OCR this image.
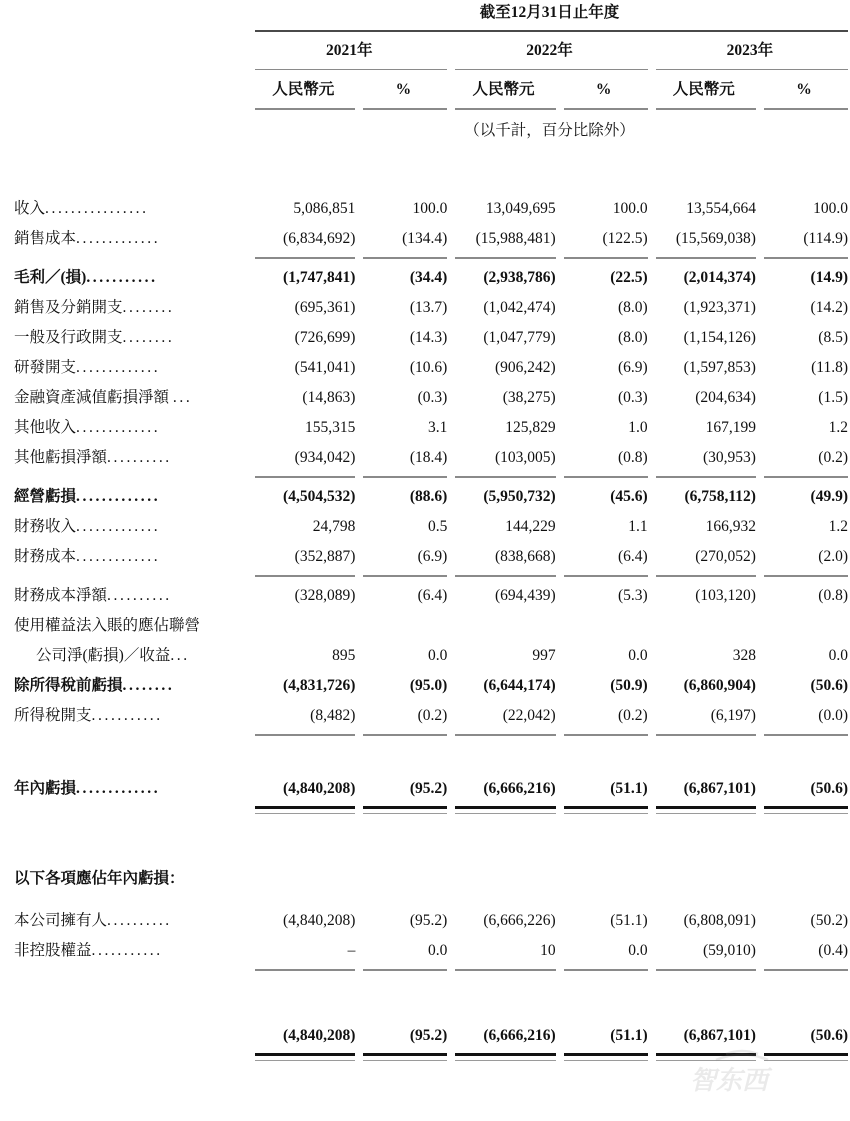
	截至12月31日止年度					

	2021年		2022年		2023年	

	人民幣元	%	人民幣元	%	人民幣元	%

	（以千計，百分比除外）					

收入................	5,086,851	100.0	13,049,695	100.0	13,554,664	100.0
銷售成本.............	(6,834,692)	(134.4)	(15,988,481)	(122.5)	(15,569,038)	(114.9)

毛利／(損)...........	(1,747,841)	(34.4)	(2,938,786)	(22.5)	(2,014,374)	(14.9)
銷售及分銷開支........	(695,361)	(13.7)	(1,042,474)	(8.0)	(1,923,371)	(14.2)
一般及行政開支........	(726,699)	(14.3)	(1,047,779)	(8.0)	(1,154,126)	(8.5)
研發開支.............	(541,041)	(10.6)	(906,242)	(6.9)	(1,597,853)	(11.8)
金融資產減值虧損淨額 ...	(14,863)	(0.3)	(38,275)	(0.3)	(204,634)	(1.5)
其他收入.............	155,315	3.1	125,829	1.0	167,199	1.2
其他虧損淨額..........	(934,042)	(18.4)	(103,005)	(0.8)	(30,953)	(0.2)

經營虧損.............	(4,504,532)	(88.6)	(5,950,732)	(45.6)	(6,758,112)	(49.9)
財務收入.............	24,798	0.5	144,229	1.1	166,932	1.2
財務成本.............	(352,887)	(6.9)	(838,668)	(6.4)	(270,052)	(2.0)

財務成本淨額..........	(328,089)	(6.4)	(694,439)	(5.3)	(103,120)	(0.8)
使用權益法入賬的應佔聯營						
公司淨(虧損)／收益...	895	0.0	997	0.0	328	0.0
除所得稅前虧損........	(4,831,726)	(95.0)	(6,644,174)	(50.9)	(6,860,904)	(50.6)
所得稅開支...........	(8,482)	(0.2)	(22,042)	(0.2)	(6,197)	(0.0)

年內虧損.............	(4,840,208)	(95.2)	(6,666,216)	(51.1)	(6,867,101)	(50.6)

以下各項應佔年內虧損：						

本公司擁有人..........	(4,840,208)	(95.2)	(6,666,226)	(51.1)	(6,808,091)	(50.2)
非控股權益...........	–	0.0	10	0.0	(59,010)	(0.4)

	(4,840,208)	(95.2)	(6,666,216)	(51.1)	(6,867,101)	(50.6)

智东西
